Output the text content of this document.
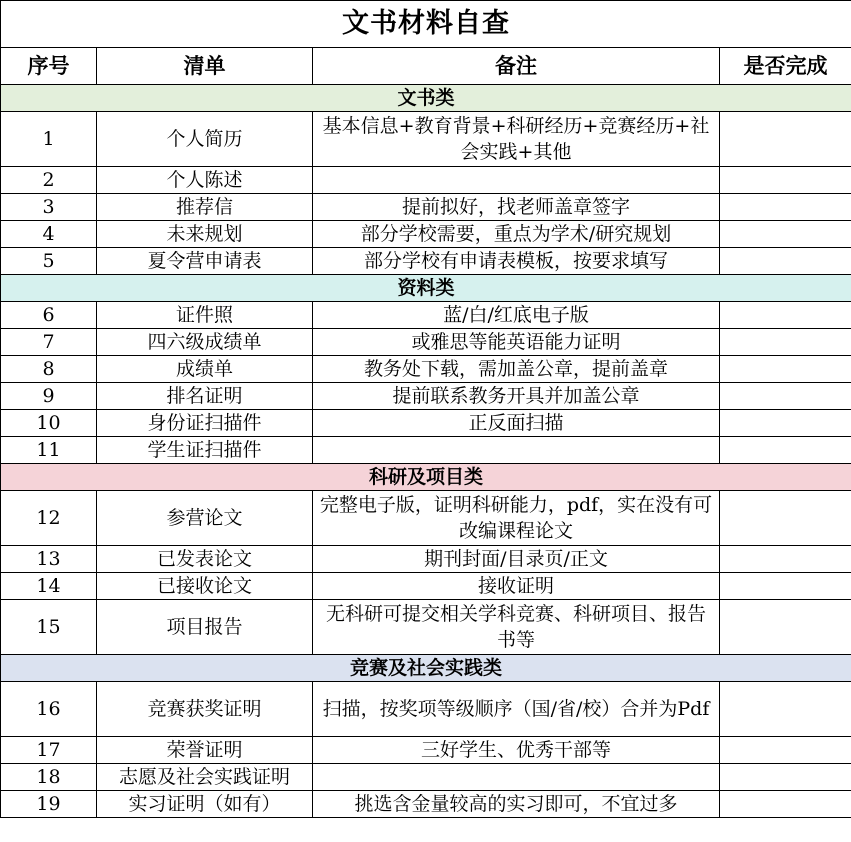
文书材料自查			
序号	清单	备注	是否完成
文书类			
1	个人简历	基本信息+教育背景+科研经历+竞赛经历+社会实践+其他	
2	个人陈述		
3	推荐信	提前拟好，找老师盖章签字	
4	未来规划	部分学校需要，重点为学术/研究规划	
5	夏令营申请表	部分学校有申请表模板，按要求填写	
资料类			
6	证件照	蓝/白/红底电子版	
7	四六级成绩单	或雅思等能英语能力证明	
8	成绩单	教务处下载，需加盖公章，提前盖章	
9	排名证明	提前联系教务开具并加盖公章	
10	身份证扫描件	正反面扫描	
11	学生证扫描件		
科研及项目类			
12	参营论文	完整电子版，证明科研能力，pdf，实在没有可改编课程论文	
13	已发表论文	期刊封面/目录页/正文	
14	已接收论文	接收证明	
15	项目报告	无科研可提交相关学科竞赛、科研项目、报告书等	
竞赛及社会实践类			
16	竞赛获奖证明	扫描，按奖项等级顺序（国/省/校）合并为Pdf	
17	荣誉证明	三好学生、优秀干部等	
18	志愿及社会实践证明		
19	实习证明（如有）	挑选含金量较高的实习即可，不宜过多	
